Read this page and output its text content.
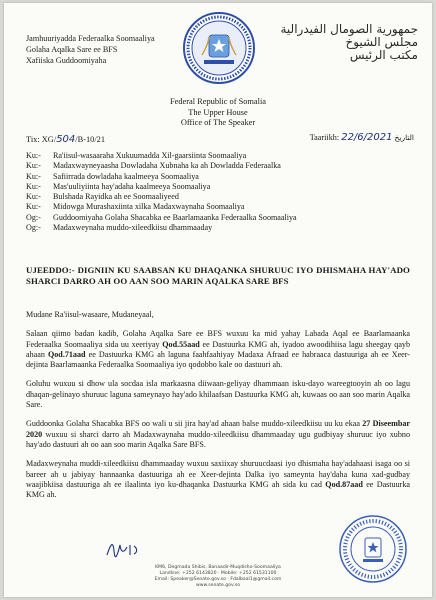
Jamhuuriyadda Federaalka Soomaaliya
Golaha Aqalka Sare ee BFS
Xafiiska Guddoomiyaha
جمهورية الصومال الفيدرالية
مجلس الشيوخ
مكتب الرئيس
Federal Republic of Somalia
The Upper House
Office of The Speaker
Tix: XG/504/B-10/21	Taariikh: 22/6/2021 التاريخ
Ku:-	Ra'iisul-wasaaraha Xukuumadda Xil-gaarsiinta Soomaaliya
Ku:-	Madaxwayneyaasha Dowladaha Xubnaha ka ah Dowladda Federaalka
Ku:-	Safiirrada dowladaha kaalmeeya Soomaaliya
Ku:-	Mas'uuliyiinta hay'adaha kaalmeeya Soomaaliya
Ku:-	Bulshada Rayidka ah ee Soomaaliyeed
Ku:-	Midowga Murashaxiinta xilka Madaxwaynaha Soomaaliya
Og:-	Guddoomiyaha Golaha Shacabka ee Baarlamaanka Federaalka Soomaaliya
Og:-	Madaxweynaha muddo-xileedkiisu dhammaaday
UJEEDDO:- DIGNIIN KU SAABSAN KU DHAQANKA SHURUUC IYO DHISMAHA HAY'ADO SHARCI DARRO AH OO AAN SOO MARIN AQALKA SARE BFS

Mudane Ra'iisul-wasaare, Mudaneyaal,

Salaan qiimo badan kadib, Golaha Aqalka Sare ee BFS wuxuu ka mid yahay Labada Aqal ee Baarlamaanka Federaalka Soomaaliya sida uu xeeriyay Qod.55aad ee Dastuurka KMG ah, iyadoo awoodihiisa lagu sheegay qayb ahaan Qod.71aad ee Dastuurka KMG ah laguna faahfaahiyay Madaxa Afraad ee habraaca dastuuriga ah ee Xeer-dejinta Baarlamaanka Federaalka Soomaaliya iyo qodobbo kale oo dastuuri ah.

Goluhu wuxuu si dhow ula socdaa isla markaasna diiwaan-geliyay dhammaan isku-dayo wareegtooyin ah oo lagu dhaqan-gelinayo shuruuc laguna sameynayo hay'ado khilaafsan Dastuurka KMG ah, kuwaas oo aan soo marin Aqalka Sare.

Guddoonka Golaha Shacabka BFS oo wali u sii jira hay'ad ahaan balse muddo-xileedkiisu uu ku ekaa 27 Diseembar 2020 wuxuu si sharci darro ah Madaxwaynaha muddo-xileedkiisu dhammaaday ugu gudbiyay shuruuc iyo xubno hay'ado dastuuri ah oo aan soo marin Aqalka Sare BFS.

Madaxweynaha muddi-xileedkiisu dhammaaday wuxuu saxiixay shuruucdaasi iyo dhismaha hay'adahaasi isaga oo si bareer ah u jabiyay hannaanka dastuuriga ah ee Xeer-dejinta Dalka iyo sameynta hay'daha kuna xad-gudbay waajibkiisa dastuuriga ah ee ilaalinta iyo ku-dhaqanka Dastuurka KMG ah sida ku cad Qod.87aad ee Dastuurka KMG ah.

KM6, Degmada Shibis, Banaadir-Muqdisho-Soomaaliya
Landline: +252 6143820 · Mobile: +252 61531100
Email: Speaker@Senate.gov.so · Fdalbaal1@gmail.com
www.senate.gov.so
